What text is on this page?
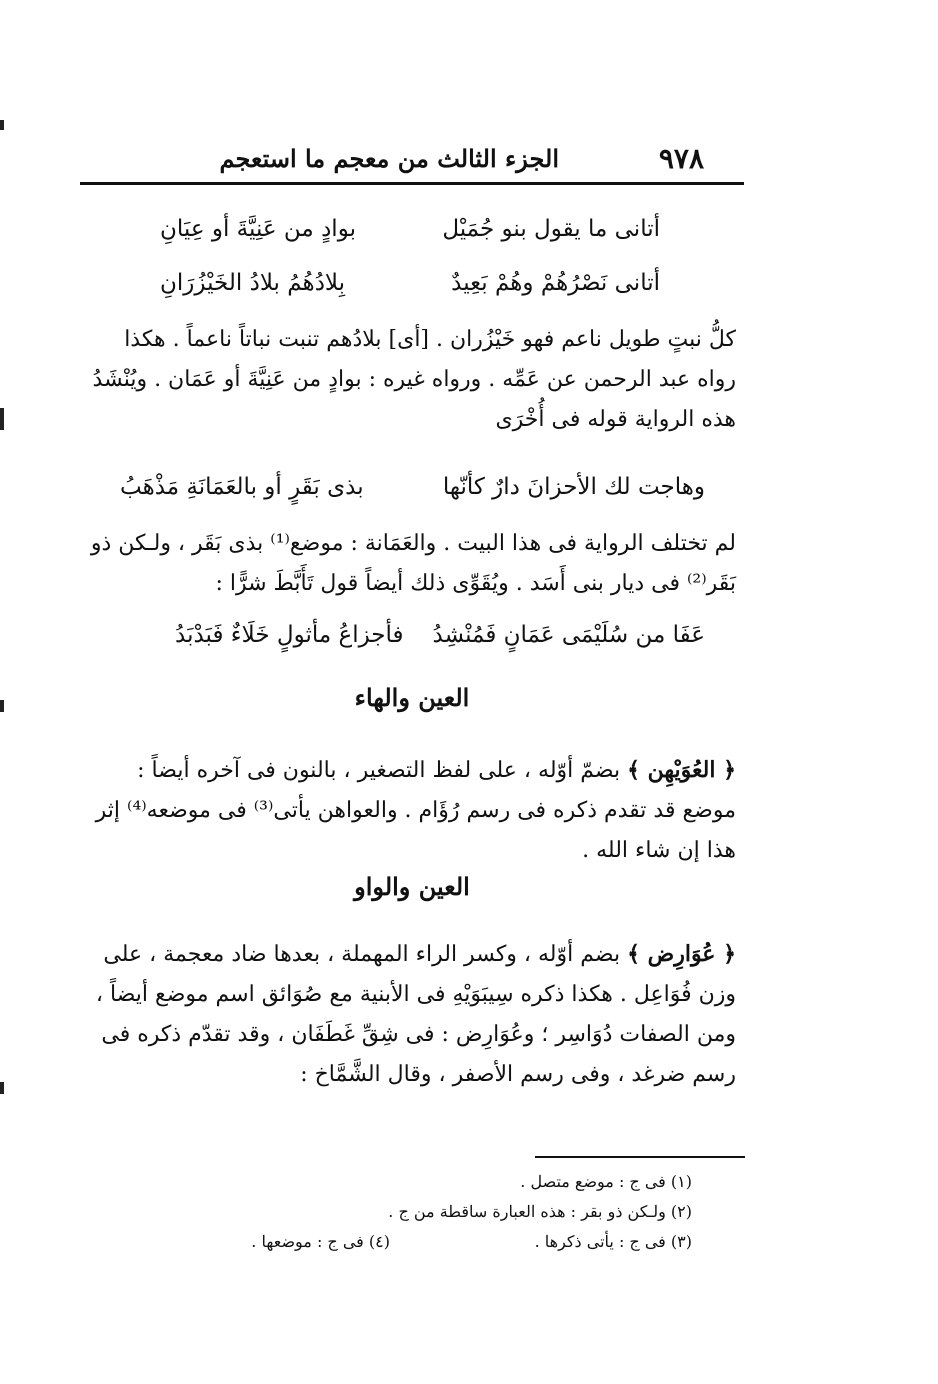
٩٧٨
الجزء الثالث من معجم ما استعجم
أتانى ما يقول بنو جُمَيْل
بوادٍ من عَنِيَّةَ أو عِيَانِ
أتانى نَصْرُهُمْ وهُمْ بَعِيدٌ
بِلادُهُمُ بلادُ الخَيْزُرَانِ
كلُّ نبتٍ طويل ناعم فهو خَيْزُران . [أى] بلادُهم تنبت نباتاً ناعماً . هكذا رواه عبد الرحمن عن عَمِّه . ورواه غيره : بوادٍ من عَنِيَّةَ أو عَمَان . ويُنْشَدُ هذه الرواية قوله فى أُخْرَى
وهاجت لك الأحزانَ دارٌ كأنّها
بذى بَقَرٍ أو بالعَمَانَةِ مَذْهَبُ
لم تختلف الرواية فى هذا البيت . والعَمَانة : موضع⁽¹⁾ بذى بَقَر ، ولـكن ذو بَقَر⁽²⁾ فى ديار بنى أَسَد . ويُقَوِّى ذلك أيضاً قول تَأَبَّطَ شرًّا :
عَفَا من سُلَيْمَى عَمَانٍ فَمُنْشِدُ
فأجزاعُ مأثولٍ خَلَاءٌ فَبَدْبَدُ
العين والهاء
﴿ العُوَيْهِن ﴾ بضمّ أوّله ، على لفظ التصغير ، بالنون فى آخره أيضاً : موضع قد تقدم ذكره فى رسم رُؤَام . والعواهن يأتى⁽³⁾ فى موضعه⁽⁴⁾ إثر هذا إن شاء الله .
العين والواو
﴿ عُوَارِض ﴾ بضم أوّله ، وكسر الراء المهملة ، بعدها ضاد معجمة ، على وزن فُوَاعِل . هكذا ذكره سِيبَوَيْهِ فى الأبنية مع صُوَائق اسم موضع أيضاً ، ومن الصفات دُوَاسِر ؛ وعُوَارِض : فى شِقِّ غَطَفَان ، وقد تقدّم ذكره فى رسم ضرغد ، وفى رسم الأصفر ، وقال الشَّمَّاخ :
(١) فى ج : موضع متصل .
(٢) ولـكن ذو بقر : هذه العبارة ساقطة من ج .
(٣) فى ج : يأتى ذكرها .
(٤) فى ج : موضعها .
